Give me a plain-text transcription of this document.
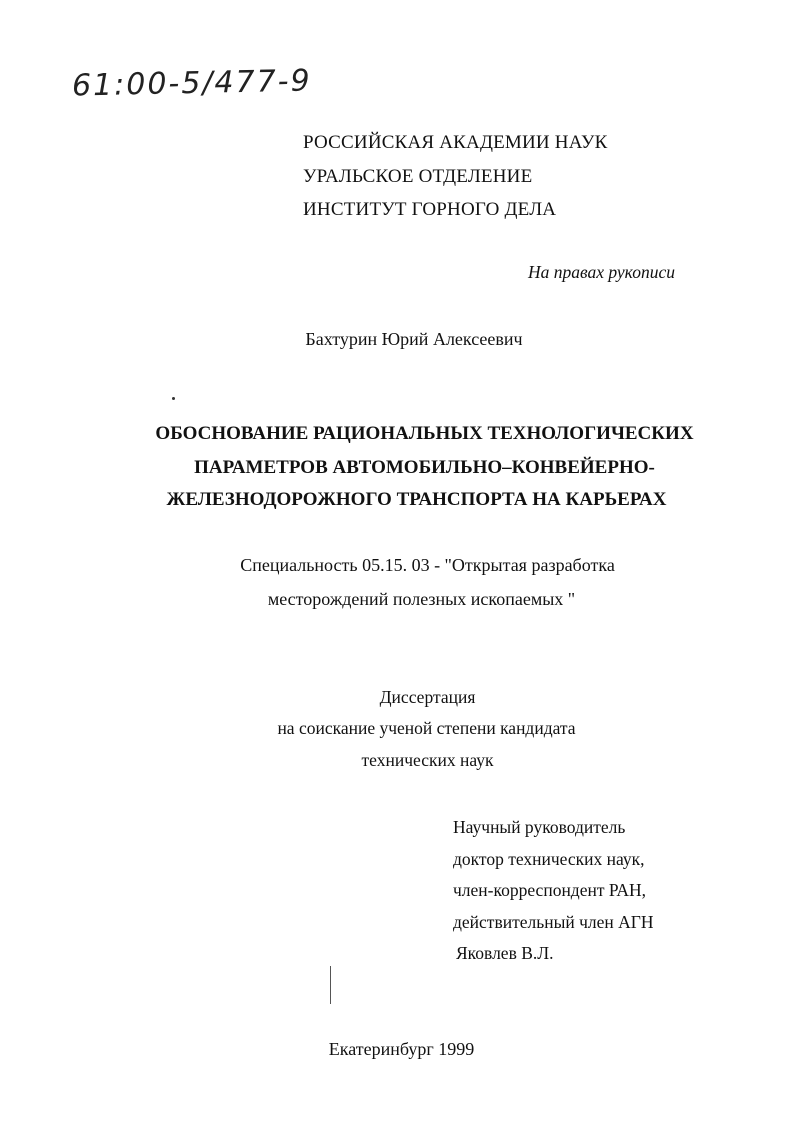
61:00-5/477-9
РОССИЙСКАЯ АКАДЕМИИ НАУК
УРАЛЬСКОЕ ОТДЕЛЕНИЕ
ИНСТИТУТ ГОРНОГО ДЕЛА
На правах рукописи
Бахтурин Юрий Алексеевич
ОБОСНОВАНИЕ РАЦИОНАЛЬНЫХ ТЕХНОЛОГИЧЕСКИХ
ПАРАМЕТРОВ АВТОМОБИЛЬНО–КОНВЕЙЕРНО-
ЖЕЛЕЗНОДОРОЖНОГО ТРАНСПОРТА НА КАРЬЕРАХ
Специальность 05.15. 03 - "Открытая разработка
месторождений полезных ископаемых "
Диссертация
на соискание ученой степени кандидата
технических наук
Научный руководитель
доктор технических наук,
член-корреспондент РАН,
действительный член АГН
Яковлев В.Л.
Екатеринбург 1999
